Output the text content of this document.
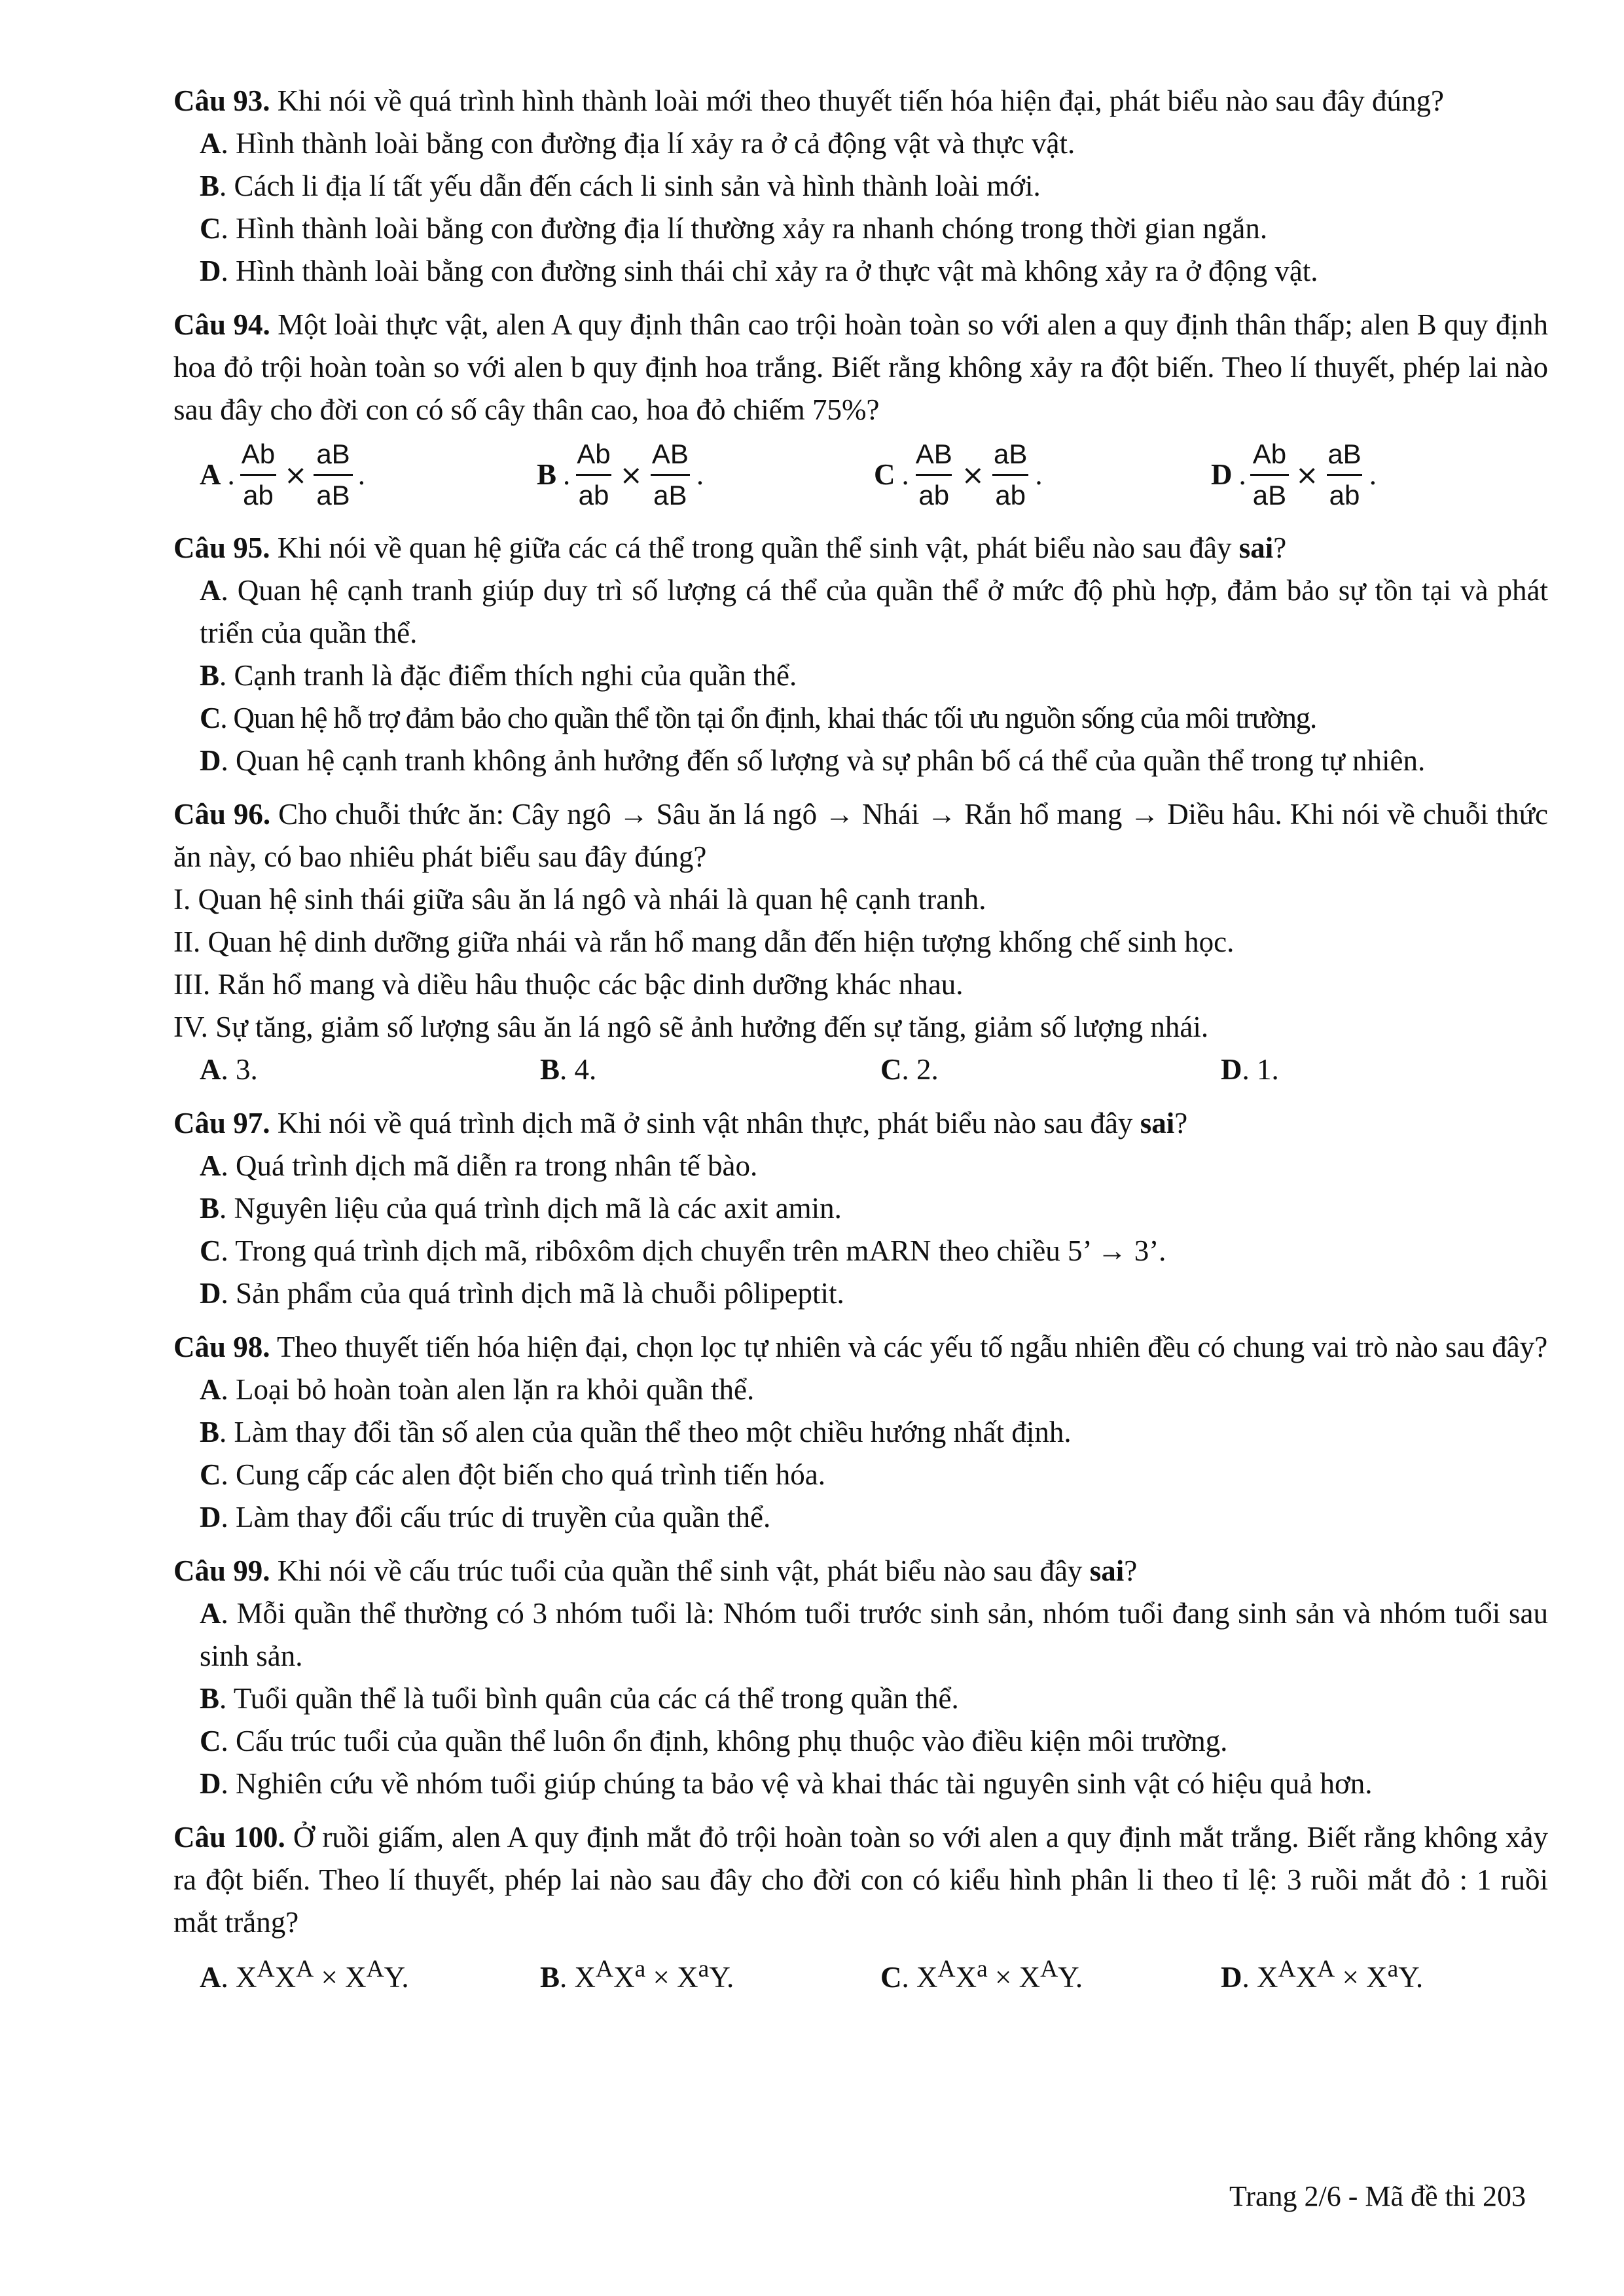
Câu 93. Khi nói về quá trình hình thành loài mới theo thuyết tiến hóa hiện đại, phát biểu nào sau đây đúng?
A. Hình thành loài bằng con đường địa lí xảy ra ở cả động vật và thực vật.
B. Cách li địa lí tất yếu dẫn đến cách li sinh sản và hình thành loài mới.
C. Hình thành loài bằng con đường địa lí thường xảy ra nhanh chóng trong thời gian ngắn.
D. Hình thành loài bằng con đường sinh thái chỉ xảy ra ở thực vật mà không xảy ra ở động vật.
Câu 94. Một loài thực vật, alen A quy định thân cao trội hoàn toàn so với alen a quy định thân thấp; alen B quy định hoa đỏ trội hoàn toàn so với alen b quy định hoa trắng. Biết rằng không xảy ra đột biến. Theo lí thuyết, phép lai nào sau đây cho đời con có số cây thân cao, hoa đỏ chiếm 75%?
A . $\frac{Ab}{ab} \times \frac{aB}{aB}$ .	B . $\frac{Ab}{ab} \times \frac{AB}{aB}$ .	C . $\frac{AB}{ab} \times \frac{aB}{ab}$ .	D . $\frac{Ab}{aB} \times \frac{aB}{ab}$ .
Câu 95. Khi nói về quan hệ giữa các cá thể trong quần thể sinh vật, phát biểu nào sau đây sai?
A. Quan hệ cạnh tranh giúp duy trì số lượng cá thể của quần thể ở mức độ phù hợp, đảm bảo sự tồn tại và phát triển của quần thể.
B. Cạnh tranh là đặc điểm thích nghi của quần thể.
C. Quan hệ hỗ trợ đảm bảo cho quần thể tồn tại ổn định, khai thác tối ưu nguồn sống của môi trường.
D. Quan hệ cạnh tranh không ảnh hưởng đến số lượng và sự phân bố cá thể của quần thể trong tự nhiên.
Câu 96. Cho chuỗi thức ăn: Cây ngô → Sâu ăn lá ngô → Nhái → Rắn hổ mang → Diều hâu. Khi nói về chuỗi thức ăn này, có bao nhiêu phát biểu sau đây đúng?
I. Quan hệ sinh thái giữa sâu ăn lá ngô và nhái là quan hệ cạnh tranh.
II. Quan hệ dinh dưỡng giữa nhái và rắn hổ mang dẫn đến hiện tượng khống chế sinh học.
III. Rắn hổ mang và diều hâu thuộc các bậc dinh dưỡng khác nhau.
IV. Sự tăng, giảm số lượng sâu ăn lá ngô sẽ ảnh hưởng đến sự tăng, giảm số lượng nhái.
A. 3.	B. 4.	C. 2.	D. 1.
Câu 97. Khi nói về quá trình dịch mã ở sinh vật nhân thực, phát biểu nào sau đây sai?
A. Quá trình dịch mã diễn ra trong nhân tế bào.
B. Nguyên liệu của quá trình dịch mã là các axit amin.
C. Trong quá trình dịch mã, ribôxôm dịch chuyển trên mARN theo chiều 5’ → 3’.
D. Sản phẩm của quá trình dịch mã là chuỗi pôlipeptit.
Câu 98. Theo thuyết tiến hóa hiện đại, chọn lọc tự nhiên và các yếu tố ngẫu nhiên đều có chung vai trò nào sau đây?
A. Loại bỏ hoàn toàn alen lặn ra khỏi quần thể.
B. Làm thay đổi tần số alen của quần thể theo một chiều hướng nhất định.
C. Cung cấp các alen đột biến cho quá trình tiến hóa.
D. Làm thay đổi cấu trúc di truyền của quần thể.
Câu 99. Khi nói về cấu trúc tuổi của quần thể sinh vật, phát biểu nào sau đây sai?
A. Mỗi quần thể thường có 3 nhóm tuổi là: Nhóm tuổi trước sinh sản, nhóm tuổi đang sinh sản và nhóm tuổi sau sinh sản.
B. Tuổi quần thể là tuổi bình quân của các cá thể trong quần thể.
C. Cấu trúc tuổi của quần thể luôn ổn định, không phụ thuộc vào điều kiện môi trường.
D. Nghiên cứu về nhóm tuổi giúp chúng ta bảo vệ và khai thác tài nguyên sinh vật có hiệu quả hơn.
Câu 100. Ở ruồi giấm, alen A quy định mắt đỏ trội hoàn toàn so với alen a quy định mắt trắng. Biết rằng không xảy ra đột biến. Theo lí thuyết, phép lai nào sau đây cho đời con có kiểu hình phân li theo tỉ lệ: 3 ruồi mắt đỏ : 1 ruồi mắt trắng?
A. $X^AX^A \times X^AY$.	B. $X^AX^a \times X^aY$.	C. $X^AX^a \times X^AY$.	D. $X^AX^A \times X^aY$.
Trang 2/6 - Mã đề thi 203
